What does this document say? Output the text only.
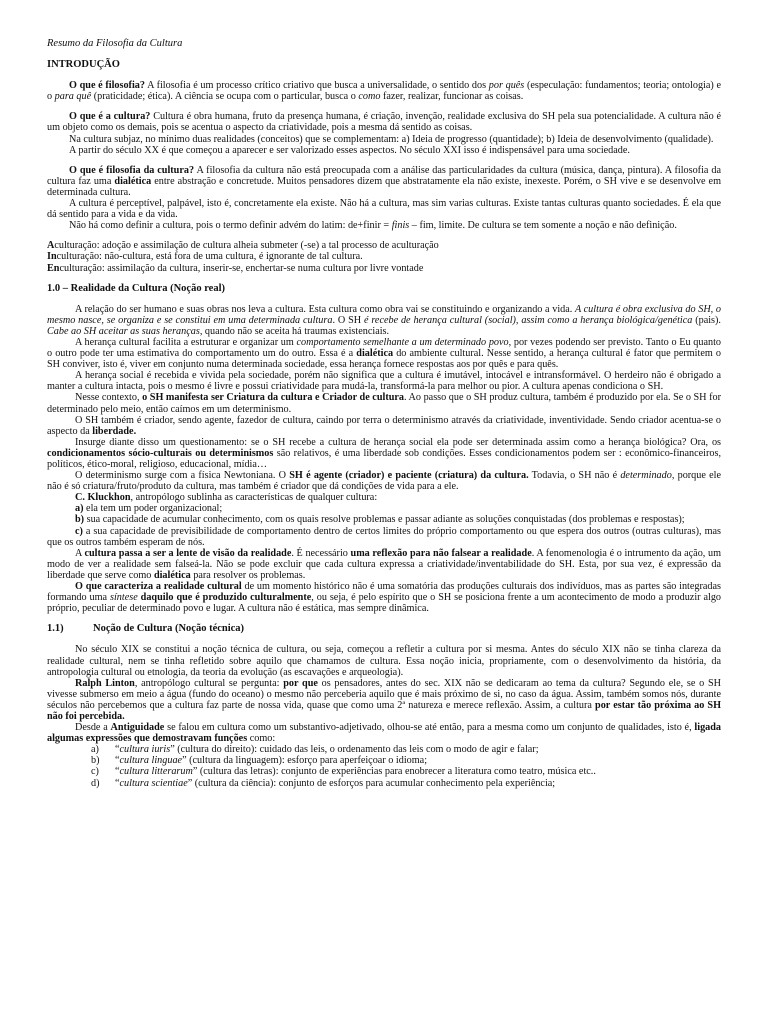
Resumo da Filosofia da Cultura
INTRODUÇÃO

O que é filosofia? A filosofia é um processo crítico criativo que busca a universalidade, o sentido dos por quês (especulação: fundamentos; teoria; ontologia) e o para quê (praticidade; ética). A ciência se ocupa com o particular, busca o como fazer, realizar, funcionar as coisas.

O que é a cultura? Cultura é obra humana, fruto da presença humana, é criação, invenção, realidade exclusiva do SH pela sua potencialidade. A cultura não é um objeto como os demais, pois se acentua o aspecto da criatividade, pois a mesma dá sentido as coisas.

Na cultura subjaz, no mínimo duas realidades (conceitos) que se complementam: a) Ideia de progresso (quantidade); b) Ideia de desenvolvimento (qualidade).

A partir do século XX é que começou a aparecer e ser valorizado esses aspectos. No século XXI isso é indispensável para uma sociedade.

O que é filosofia da cultura? A filosofia da cultura não está preocupada com a análise das particularidades da cultura (música, dança, pintura). A filosofia da cultura faz uma dialética entre abstração e concretude. Muitos pensadores dizem que abstratamente ela não existe, inexeste. Porém, o SH vive e se desenvolve em determinada cultura.

A cultura é perceptível, palpável, isto é, concretamente ela existe. Não há a cultura, mas sim varias culturas. Existe tantas culturas quanto sociedades. É ela que dá sentido para a vida e da vida.

Não há como definir a cultura, pois o termo definir advém do latim: de+finir = finis – fim, limite. De cultura se tem somente a noção e não definição.

Aculturação: adoção e assimilação de cultura alheia submeter (-se) a tal processo de aculturação

Inculturação: não-cultura, está fora de uma cultura, é ignorante de tal cultura.

Enculturação: assimilação da cultura, inserir-se, enchertar-se numa cultura por livre vontade

1.0 – Realidade da Cultura (Noção real)

A relação do ser humano e suas obras nos leva a cultura. Esta cultura como obra vai se constituindo e organizando a vida. A cultura é obra exclusiva do SH, o mesmo nasce, se organiza e se constitui em uma determinada cultura. O SH é recebe de herança cultural (social), assim como a herança biológica/genética (pais). Cabe ao SH aceitar as suas heranças, quando não se aceita há traumas existenciais.

A herança cultural facilita a estruturar e organizar um comportamento semelhante a um determinado povo, por vezes podendo ser previsto. Tanto o Eu quanto o outro pode ter uma estimativa do comportamento um do outro. Essa é a dialética do ambiente cultural. Nesse sentido, a herança cultural é fator que permitem o SH conviver, isto é, viver em conjunto numa determinada sociedade, essa herança fornece respostas aos por quês e para quês.

A herança social é recebida e vivida pela sociedade, porém não significa que a cultura é imutável, intocável e intransformável. O herdeiro não é obrigado a manter a cultura intacta, pois o mesmo é livre e possui criatividade para mudá-la, transformá-la para melhor ou pior. A cultura apenas condiciona o SH.

Nesse contexto, o SH manifesta ser Criatura da cultura e Criador de cultura. Ao passo que o SH produz cultura, também é produzido por ela. Se o SH for determinado pelo meio, então caímos em um determinismo.

O SH também é criador, sendo agente, fazedor de cultura, caindo por terra o determinismo através da criatividade, inventividade. Sendo criador acentua-se o aspecto da liberdade.

Insurge diante disso um questionamento: se o SH recebe a cultura de herança social ela pode ser determinada assim como a herança biológica? Ora, os condicionamentos sócio-culturais ou determinismos são relativos, é uma liberdade sob condições. Esses condicionamentos podem ser : econômico-financeiros, políticos, ético-moral, religioso, educacional, mídia…

O determinismo surge com a física Newtoniana. O SH é agente (criador) e paciente (criatura) da cultura. Todavia, o SH não é determinado, porque ele não é só criatura/fruto/produto da cultura, mas também é criador que dá condições de vida para a ele.

C. Kluckhon, antropólogo sublinha as características de qualquer cultura:

a) ela tem um poder organizacional;

b) sua capacidade de acumular conhecimento, com os quais resolve problemas e passar adiante as soluções conquistadas (dos problemas e respostas);

c) a sua capacidade de previsibilidade de comportamento dentro de certos limites do próprio comportamento ou que espera dos outros (outras culturas), mas que os outros também esperam de nós.

A cultura passa a ser a lente de visão da realidade. É necessário uma reflexão para não falsear a realidade. A fenomenologia é o intrumento da ação, um modo de ver a realidade sem falseá-la. Não se pode excluir que cada cultura expressa a criatividade/inventabilidade do SH. Esta, por sua vez, é expressão da liberdade que serve como dialética para resolver os problemas.

O que caracteriza a realidade cultural de um momento histórico não é uma somatória das produções culturais dos indivíduos, mas as partes são integradas formando uma síntese daquilo que é produzido culturalmente, ou seja, é pelo espírito que o SH se posiciona frente a um acontecimento de modo a produzir algo próprio, peculiar de determinado povo e lugar. A cultura não é estática, mas sempre dinâmica.

1.1)	Noção de Cultura (Noção técnica)

No século XIX se constitui a noção técnica de cultura, ou seja, começou a refletir a cultura por si mesma. Antes do século XIX não se tinha clareza da realidade cultural, nem se tinha refletido sobre aquilo que chamamos de cultura. Essa noção inicia, propriamente, com o desenvolvimento da história, da antropologia cultural ou etnologia, da teoria da evolução (as escavações e arqueologia).

Ralph Linton, antropólogo cultural se pergunta: por que os pensadores, antes do sec. XIX não se dedicaram ao tema da cultura? Segundo ele, se o SH vivesse submerso em meio a água (fundo do oceano) o mesmo não perceberia aquilo que é mais próximo de si, no caso da água. Assim, também somos nós, durante séculos não percebemos que a cultura faz parte de nossa vida, quase que como uma 2ª natureza e merece reflexão. Assim, a cultura por estar tão próxima ao SH não foi percebida.

Desde a Antiguidade se falou em cultura como um substantivo-adjetivado, olhou-se até então, para a mesma como um conjunto de qualidades, isto é, ligada algumas expressões que demostravam funções como:

a)	“cultura iuris” (cultura do direito): cuidado das leis, o ordenamento das leis com o modo de agir e falar;
b)	“cultura linguae” (cultura da linguagem): esforço para aperfeiçoar o idioma;
c)	“cultura litterarum” (cultura das letras): conjunto de experiências para enobrecer a literatura como teatro, música etc..
d)	“cultura scientiae” (cultura da ciência): conjunto de esforços para acumular conhecimento pela experiência;
